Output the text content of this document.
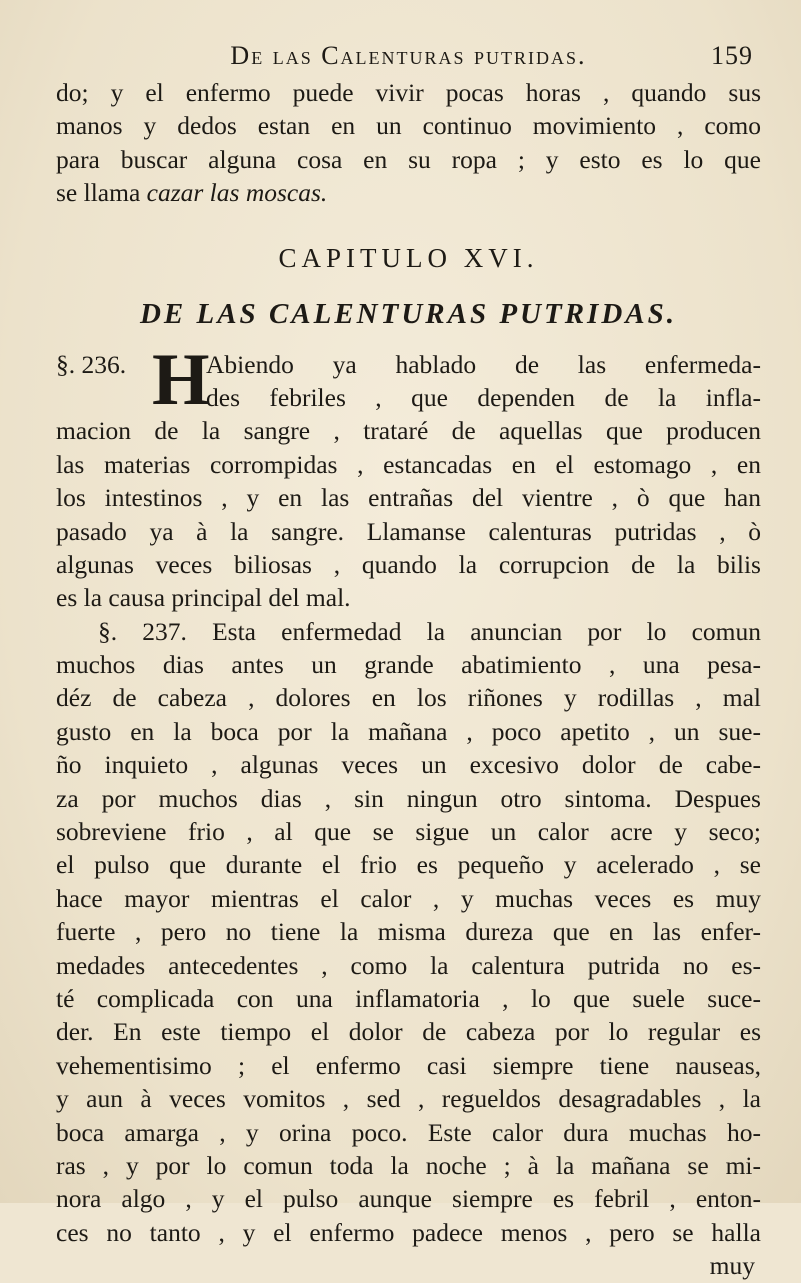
De las Calenturas putridas.	159
do; y el enfermo puede vivir pocas horas , quando sus
manos y dedos estan en un continuo movimiento , como
para buscar alguna cosa en su ropa ; y esto es lo que
se llama cazar las moscas.
CAPITULO XVI.
DE LAS CALENTURAS PUTRIDAS.
§. 236. H
Abiendo ya hablado de las enfermeda-
des febriles , que dependen de la infla-
macion de la sangre , trataré de aquellas que producen
las materias corrompidas , estancadas en el estomago , en
los intestinos , y en las entrañas del vientre , ò que han
pasado ya à la sangre. Llamanse calenturas putridas , ò
algunas veces biliosas , quando la corrupcion de la bilis
es la causa principal del mal.
§. 237. Esta enfermedad la anuncian por lo comun
muchos dias antes un grande abatimiento , una pesa-
déz de cabeza , dolores en los riñones y rodillas , mal
gusto en la boca por la mañana , poco apetito , un sue-
ño inquieto , algunas veces un excesivo dolor de cabe-
za por muchos dias , sin ningun otro sintoma. Despues
sobreviene frio , al que se sigue un calor acre y seco;
el pulso que durante el frio es pequeño y acelerado , se
hace mayor mientras el calor , y muchas veces es muy
fuerte , pero no tiene la misma dureza que en las enfer-
medades antecedentes , como la calentura putrida no es-
té complicada con una inflamatoria , lo que suele suce-
der. En este tiempo el dolor de cabeza por lo regular es
vehementisimo ; el enfermo casi siempre tiene nauseas,
y aun à veces vomitos , sed , regueldos desagradables , la
boca amarga , y orina poco. Este calor dura muchas ho-
ras , y por lo comun toda la noche ; à la mañana se mi-
nora algo , y el pulso aunque siempre es febril , enton-
ces no tanto , y el enfermo padece menos , pero se halla
muy
